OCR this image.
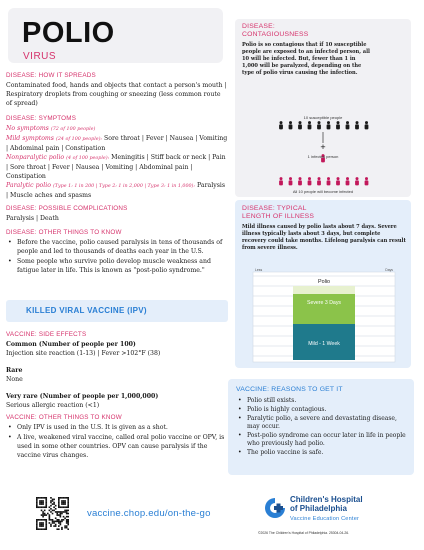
POLIO
VIRUS
DISEASE: HOW IT SPREADS
Contaminated food, hands and objects that contact a person's mouth | Respiratory droplets from coughing or sneezing (less common route of spread)
DISEASE: SYMPTOMS
No symptoms (72 of 100 people)
Mild symptoms (24 of 100 people): Sore throat | Fever | Nausea | Vomiting | Abdominal pain | Constipation
Nonparalytic polio (4 of 100 people): Meningitis | Stiff back or neck | Pain | Sore throat | Fever | Nausea | Vomiting | Abdominal pain | Constipation
Paralytic polio (Type 1: 1 in 200 | Type 2: 1 in 2,000 | Type 3: 1 in 1,000): Paralysis | Muscle aches and spasms
DISEASE: POSSIBLE COMPLICATIONS
Paralysis | Death
DISEASE: OTHER THINGS TO KNOW
• Before the vaccine, polio caused paralysis in tens of thousands of people and led to thousands of deaths each year in the U.S.
• Some people who survive polio develop muscle weakness and fatigue later in life. This is known as "post-polio syndrome."
KILLED VIRAL VACCINE (IPV)
VACCINE: SIDE EFFECTS
Common (Number of people per 100)
Injection site reaction (1-13) | Fever >102°F (38)
Rare
None
Very rare (Number of people per 1,000,000)
Serious allergic reaction (<1)
VACCINE: OTHER THINGS TO KNOW
• Only IPV is used in the U.S. It is given as a shot.
• A live, weakened viral vaccine, called oral polio vaccine or OPV, is used in some other countries. OPV can cause paralysis if the vaccine virus changes.
DISEASE:
CONTAGIOUSNESS
Polio is so contagious that if 10 susceptible people are exposed to an infected person, all 10 will be infected. But, fewer than 1 in 1,000 will be paralyzed, depending on the type of polio virus causing the infection.
10 susceptible people
+
1 infected person
All 10 people will become infected
DISEASE: TYPICAL
LENGTH OF ILLNESS
Mild illness caused by polio lasts about 7 days. Severe illness typically lasts about 3 days, but complete recovery could take months. Lifelong paralysis can result from severe illness.
Less	Days
Polio
Severe 3 Days
Mild - 1 Week
VACCINE: REASONS TO GET IT
• Polio still exists.
• Polio is highly contagious.
• Paralytic polio, a severe and devastating disease, may occur.
• Post-polio syndrome can occur later in life in people who previously had polio.
• The polio vaccine is safe.
vaccine.chop.edu/on-the-go
Children's Hospital
of Philadelphia
Vaccine Education Center
©2026 The Children's Hospital of Philadelphia. 25304-04-26.
